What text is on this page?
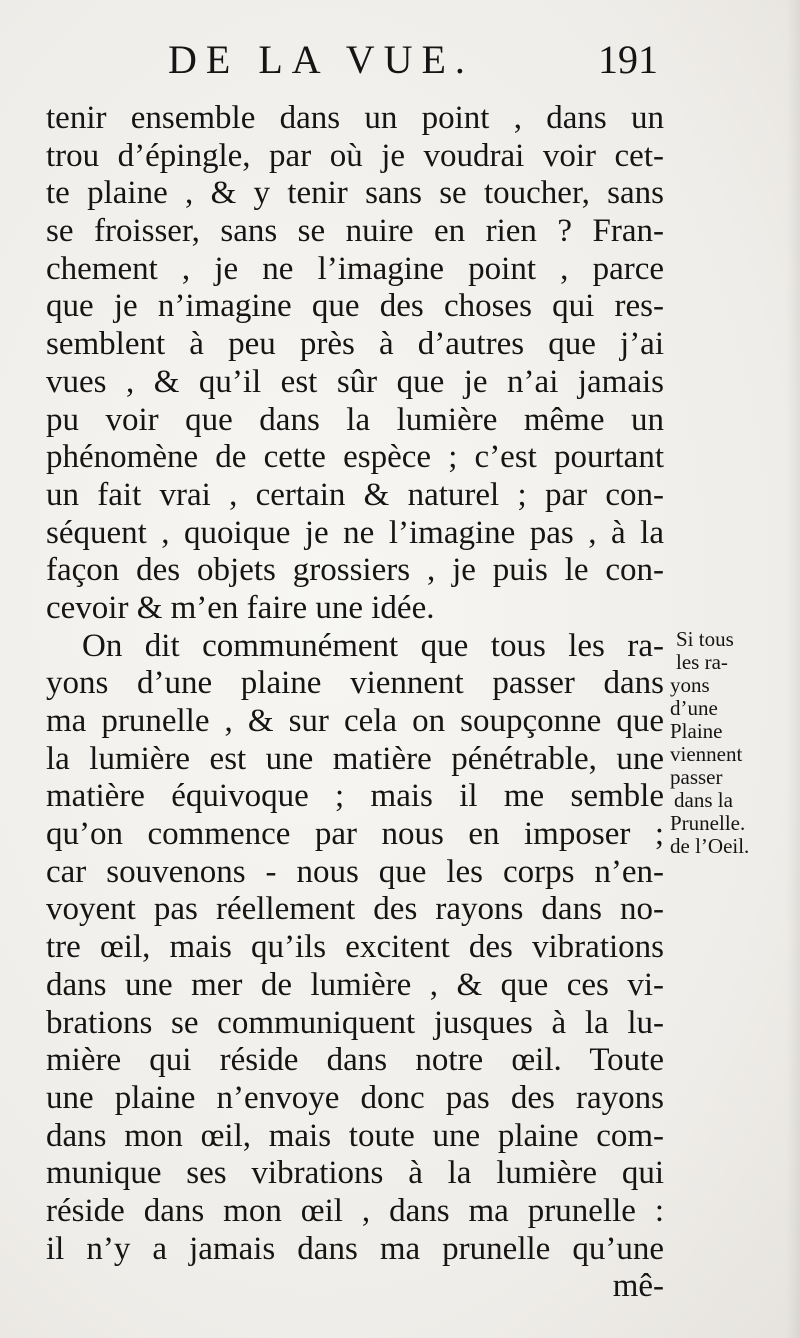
DE LA VUE.	191
tenir ensemble dans un point , dans un
trou d’épingle, par où je voudrai voir cet-
te plaine , & y tenir sans se toucher, sans
se froisser, sans se nuire en rien ? Fran-
chement , je ne l’imagine point , parce
que je n’imagine que des choses qui res-
semblent à peu près à d’autres que j’ai
vues , & qu’il est sûr que je n’ai jamais
pu voir que dans la lumière même un
phénomène de cette espèce ; c’est pourtant
un fait vrai , certain & naturel ; par con-
séquent , quoique je ne l’imagine pas , à la
façon des objets grossiers , je puis le con-
cevoir & m’en faire une idée.
On dit communément que tous les ra-
yons d’une plaine viennent passer dans
ma prunelle , & sur cela on soupçonne que
la lumière est une matière pénétrable, une
matière équivoque ; mais il me semble
qu’on commence par nous en imposer ;
car souvenons - nous que les corps n’en-
voyent pas réellement des rayons dans no-
tre œil, mais qu’ils excitent des vibrations
dans une mer de lumière , & que ces vi-
brations se communiquent jusques à la lu-
mière qui réside dans notre œil. Toute
une plaine n’envoye donc pas des rayons
dans mon œil, mais toute une plaine com-
munique ses vibrations à la lumière qui
réside dans mon œil , dans ma prunelle :
il n’y a jamais dans ma prunelle qu’une
mê-
Si tous
les ra-
yons
d’une
Plaine
viennent
passer
dans la
Prunelle.
de l’Oeil.
